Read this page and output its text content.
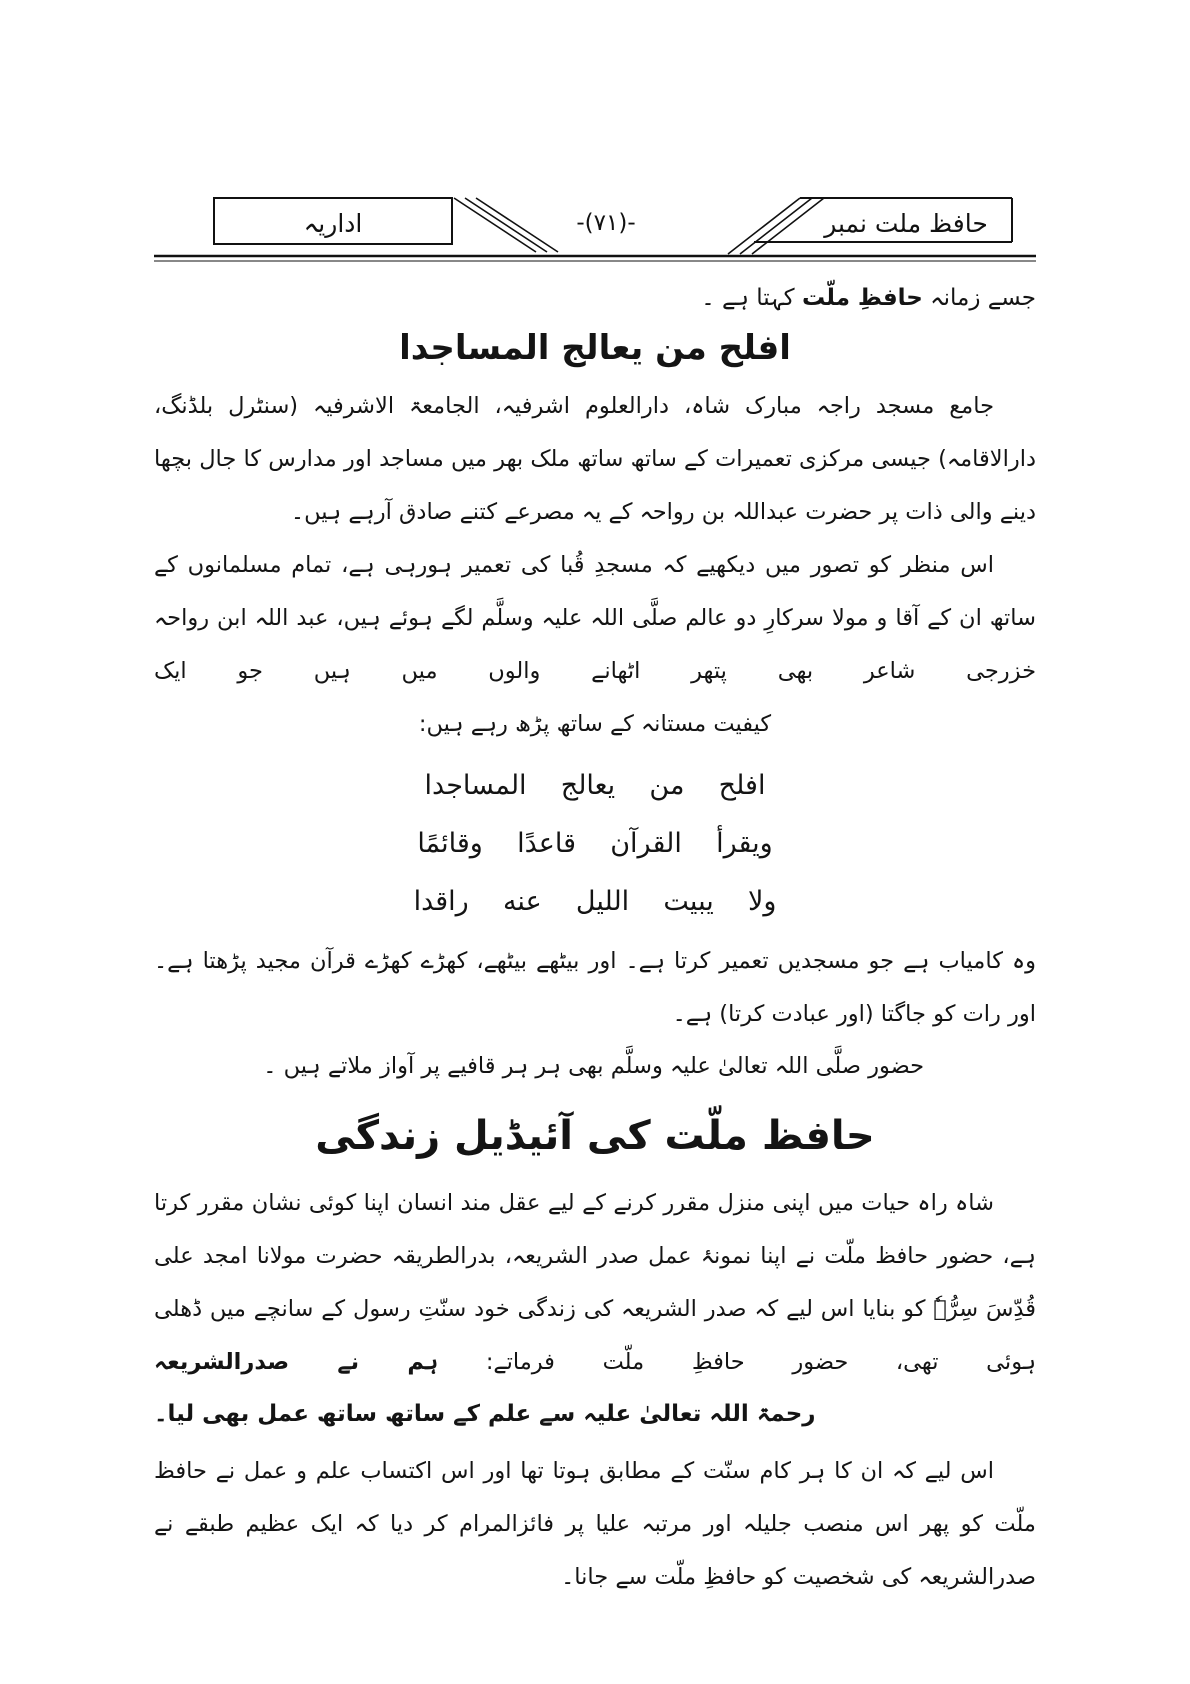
اداریہ	-(۷۱)-	حافظ ملت نمبر

جسے زمانہ حافظِ ملّت کہتا ہے ۔

افلح من یعالج المساجدا

جامع مسجد راجہ مبارک شاہ، دارالعلوم اشرفیہ، الجامعۃ الاشرفیہ (سنٹرل بلڈنگ، دارالاقامہ) جیسی مرکزی تعمیرات کے ساتھ ساتھ ملک بھر میں مساجد اور مدارس کا جال بچھا دینے والی ذات پر حضرت عبداللہ بن رواحہ کے یہ مصرعے کتنے صادق آرہے ہیں۔

اس منظر کو تصور میں دیکھیے کہ مسجدِ قُبا کی تعمیر ہورہی ہے، تمام مسلمانوں کے ساتھ ان کے آقا و مولا سرکارِ دو عالم صلَّی اللہ علیہ وسلَّم لگے ہوئے ہیں، عبد اللہ ابن رواحہ خزرجی شاعر بھی پتھر اٹھانے والوں میں ہیں جو ایک

کیفیت مستانہ کے ساتھ پڑھ رہے ہیں:

افلح من یعالج المساجدا
ویقرأ القرآن قاعدًا وقائمًا
ولا یبیت اللیل عنه راقدا

وہ کامیاب ہے جو مسجدیں تعمیر کرتا ہے۔ اور بیٹھے بیٹھے، کھڑے کھڑے قرآن مجید پڑھتا ہے۔ اور رات کو جاگتا (اور عبادت کرتا) ہے۔

حضور صلَّی اللہ تعالیٰ علیہ وسلَّم بھی ہر ہر قافیے پر آواز ملاتے ہیں ۔

حافظ ملّت کی آئیڈیل زندگی

شاہ راہ حیات میں اپنی منزل مقرر کرنے کے لیے عقل مند انسان اپنا کوئی نشان مقرر کرتا ہے، حضور حافظ ملّت نے اپنا نمونۂ عمل صدر الشریعہ، بدرالطریقہ حضرت مولانا امجد علی قُدِّسَ سِرُّہٗ کو بنایا اس لیے کہ صدر الشریعہ کی زندگی خود سنّتِ رسول کے سانچے میں ڈھلی ہوئی تھی، حضور حافظِ ملّت فرماتے: ہم نے صدرالشریعہ

رحمۃ اللہ تعالیٰ علیہ سے علم کے ساتھ ساتھ عمل بھی لیا۔

اس لیے کہ ان کا ہر کام سنّت کے مطابق ہوتا تھا اور اس اکتساب علم و عمل نے حافظ ملّت کو پھر اس منصب جلیلہ اور مرتبہ علیا پر فائزالمرام کر دیا کہ ایک عظیم طبقے نے صدرالشریعہ کی شخصیت کو حافظِ ملّت سے جانا۔
